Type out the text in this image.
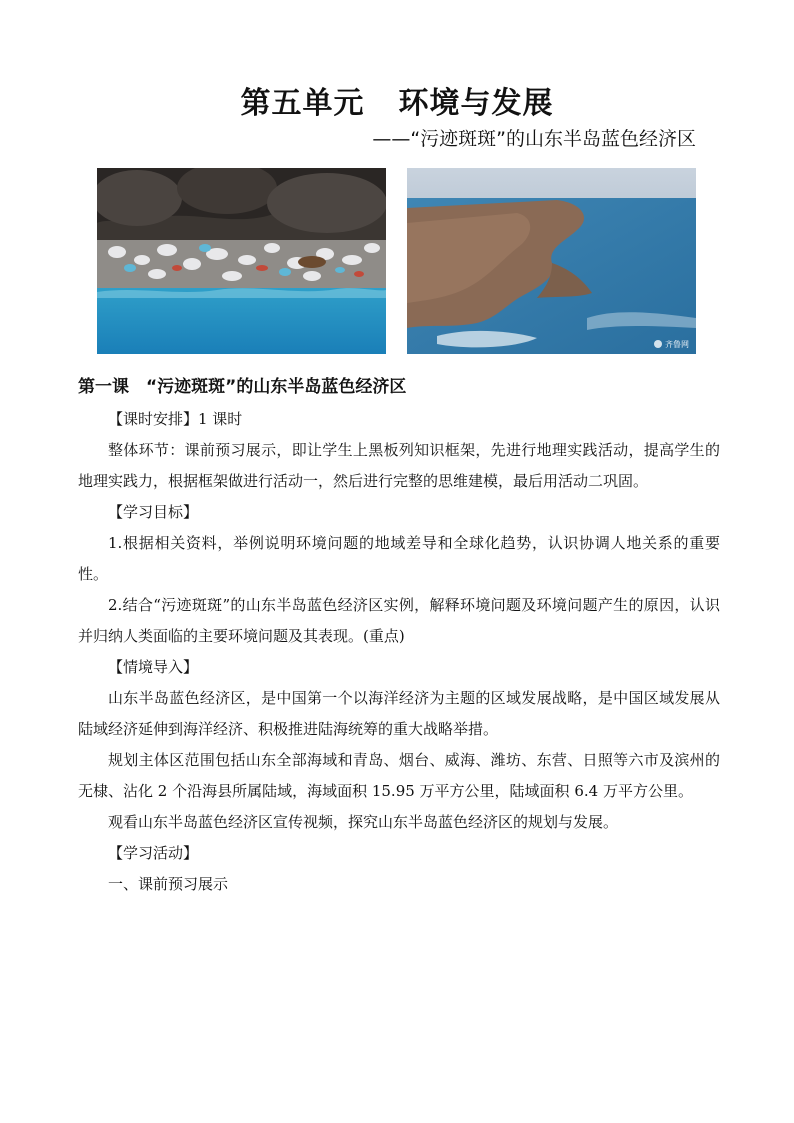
第五单元 环境与发展
——“污迹斑斑”的山东半岛蓝色经济区
齐鲁网
第一课　“污迹斑斑”的山东半岛蓝色经济区

【课时安排】1 课时

整体环节：课前预习展示，即让学生上黑板列知识框架，先进行地理实践活动，提高学生的地理实践力，根据框架做进行活动一，然后进行完整的思维建模，最后用活动二巩固。

【学习目标】

1.根据相关资料，举例说明环境问题的地域差导和全球化趋势，认识协调人地关系的重要性。

2.结合“污迹斑斑”的山东半岛蓝色经济区实例，解释环境问题及环境问题产生的原因，认识并归纳人类面临的主要环境问题及其表现。(重点)

【情境导入】

山东半岛蓝色经济区，是中国第一个以海洋经济为主题的区域发展战略，是中国区域发展从陆域经济延伸到海洋经济、积极推进陆海统筹的重大战略举措。

规划主体区范围包括山东全部海域和青岛、烟台、威海、潍坊、东营、日照等六市及滨州的无棣、沾化 2 个沿海县所属陆域，海域面积 15.95 万平方公里，陆域面积 6.4 万平方公里。

观看山东半岛蓝色经济区宣传视频，探究山东半岛蓝色经济区的规划与发展。

【学习活动】

一、课前预习展示
